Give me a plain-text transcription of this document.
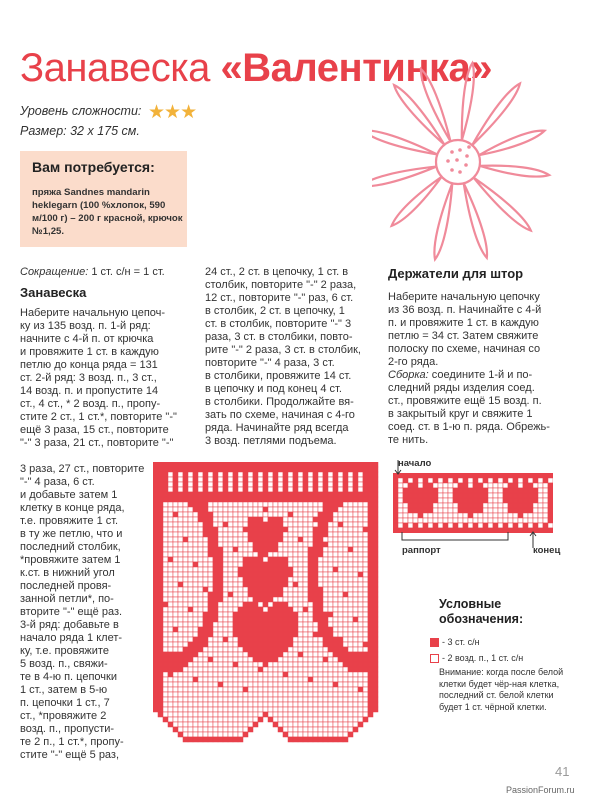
Занавеска «Валентинка»
Уровень сложности: ★★★
Размер: 32 х 175 см.
Вам потребуется:

пряжа Sandnes mandarin heklegarn (100 %хлопок, 590 м/100 г) – 200 г красной, крючок №1,25.

Сокращение: 1 ст. с/н = 1 ст.
Занавеска
Наберите начальную цепоч-
ку из 135 возд. п. 1-й ряд:
начните с 4-й п. от крючка
и провяжите 1 ст. в каждую
петлю до конца ряда = 131
ст. 2-й ряд: 3 возд. п., 3 ст.,
14 возд. п. и пропустите 14
ст., 4 ст., * 2 возд. п., пропу-
стите 2 ст., 1 ст.*, повторите "-"
ещё 3 раза, 15 ст., повторите
"-" 3 раза, 21 ст., повторите "-"
3 раза, 27 ст., повторите
"-" 4 раза, 6 ст.
и добавьте затем 1
клетку в конце ряда,
т.е. провяжите 1 ст.
в ту же петлю, что и
последний столбик,
*провяжите затем 1
к.ст. в нижний угол
последней провя-
занной петли*, по-
вторите "-" ещё раз.
3-й ряд: добавьте в
начало ряда 1 клет-
ку, т.е. провяжите
5 возд. п., свяжи-
те в 4-ю п. цепочки
1 ст., затем в 5-ю
п. цепочки 1 ст., 7
ст., *провяжите 2
возд. п., пропусти-
те 2 п., 1 ст.*, пропу-
стите "-" ещё 5 раз,
24 ст., 2 ст. в цепочку, 1 ст. в
столбик, повторите "-" 2 раза,
12 ст., повторите "-" раз, 6 ст.
в столбик, 2 ст. в цепочку, 1
ст. в столбик, повторите "-" 3
раза, 3 ст. в столбики, повто-
рите "-" 2 раза, 3 ст. в столбик,
повторите "-" 4 раза, 3 ст.
в столбики, провяжите 14 ст.
в цепочку и под конец 4 ст.
в столбики. Продолжайте вя-
зать по схеме, начиная с 4-го
ряда. Начинайте ряд всегда
3 возд. петлями подъема.
Держатели для штор
Наберите начальную цепочку
из 36 возд. п. Начинайте с 4-й
п. и провяжите 1 ст. в каждую
петлю = 34 ст. Затем свяжите
полоску по схеме, начиная со
2-го ряда.
Сборка: соедините 1-й и по-
следний ряды изделия соед.
ст., провяжите ещё 15 возд. п.
в закрытый круг и свяжите 1
соед. ст. в 1-ю п. ряда. Обрежь-
те нить.
начало
раппорт	конец
Условные обозначения:
- 3 ст. с/н
- 2 возд. п., 1 ст. с/н
Внимание: когда после белой клетки будет чёр-ная клетка, последний ст. белой клетки будет 1 ст. чёрной клетки.
41
PassionForum.ru
